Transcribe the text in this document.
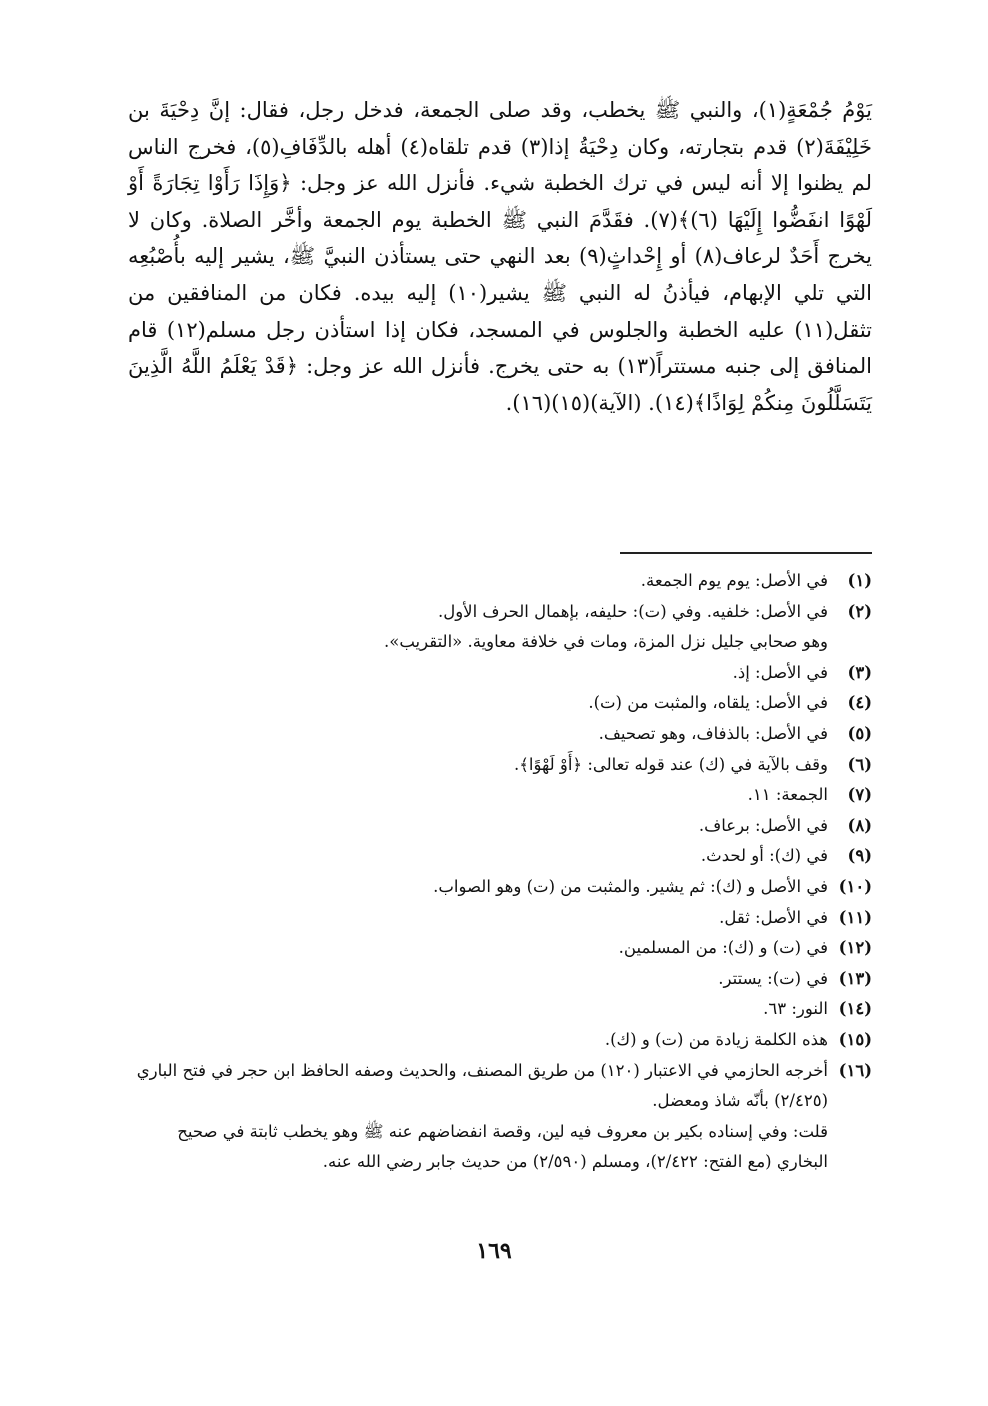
يَوْمُ جُمْعَةٍ(١)، والنبي ﷺ يخطب، وقد صلى الجمعة، فدخل رجل، فقال: إنَّ دِحْيَةَ بن خَلِيْفَةَ(٢) قدم بتجارته، وكان دِحْيَةُ إذا(٣) قدم تلقاه(٤) أهله بالدِّفَافِ(٥)، فخرج الناس لم يظنوا إلا أنه ليس في ترك الخطبة شيء. فأنزل الله عز وجل: ﴿وَإِذَا رَأَوْا تِجَارَةً أَوْ لَهْوًا انفَضُّوا إِلَيْهَا (٦)﴾(٧). فقَدَّمَ النبي ﷺ الخطبة يوم الجمعة وأخَّر الصلاة. وكان لا يخرج أَحَدٌ لرعاف(٨) أو إِحْداثٍ(٩) بعد النهي حتى يستأذن النبيَّ ﷺ، يشير إليه بأُصْبُعِه التي تلي الإبهام، فيأذنُ له النبي ﷺ يشير(١٠) إليه بيده. فكان من المنافقين من تثقل(١١) عليه الخطبة والجلوس في المسجد، فكان إذا استأذن رجل مسلم(١٢) قام المنافق إلى جنبه مستتراً(١٣) به حتى يخرج. فأنزل الله عز وجل: ﴿قَدْ يَعْلَمُ اللَّهُ الَّذِينَ يَتَسَلَّلُونَ مِنكُمْ لِوَاذًا﴾(١٤). (الآية)(١٥)(١٦).

(١)
في الأصل: يوم يوم الجمعة.
(٢)
في الأصل: خلفيه. وفي (ت): حليفه، بإهمال الحرف الأول.
وهو صحابي جليل نزل المزة، ومات في خلافة معاوية. «التقريب».
(٣)
في الأصل: إذ.
(٤)
في الأصل: يلقاه، والمثبت من (ت).
(٥)
في الأصل: بالذفاف، وهو تصحيف.
(٦)
وقف بالآية في (ك) عند قوله تعالى: ﴿أَوْ لَهْوًا﴾.
(٧)
الجمعة: ١١.
(٨)
في الأصل: برعاف.
(٩)
في (ك): أو لحدث.
(١٠)
في الأصل و (ك): ثم يشير. والمثبت من (ت) وهو الصواب.
(١١)
في الأصل: ثقل.
(١٢)
في (ت) و (ك): من المسلمين.
(١٣)
في (ت): يستتر.
(١٤)
النور: ٦٣.
(١٥)
هذه الكلمة زيادة من (ت) و (ك).
(١٦)
أخرجه الحازمي في الاعتبار (١٢٠) من طريق المصنف، والحديث وصفه الحافظ ابن حجر في فتح الباري (٢/٤٢٥) بأنّه شاذ ومعضل.
قلت: وفي إسناده بكير بن معروف فيه لين، وقصة انفضاضهم عنه ﷺ وهو يخطب ثابتة في صحيح البخاري (مع الفتح: ٢/٤٢٢)، ومسلم (٢/٥٩٠) من حديث جابر رضي الله عنه.
١٦٩
